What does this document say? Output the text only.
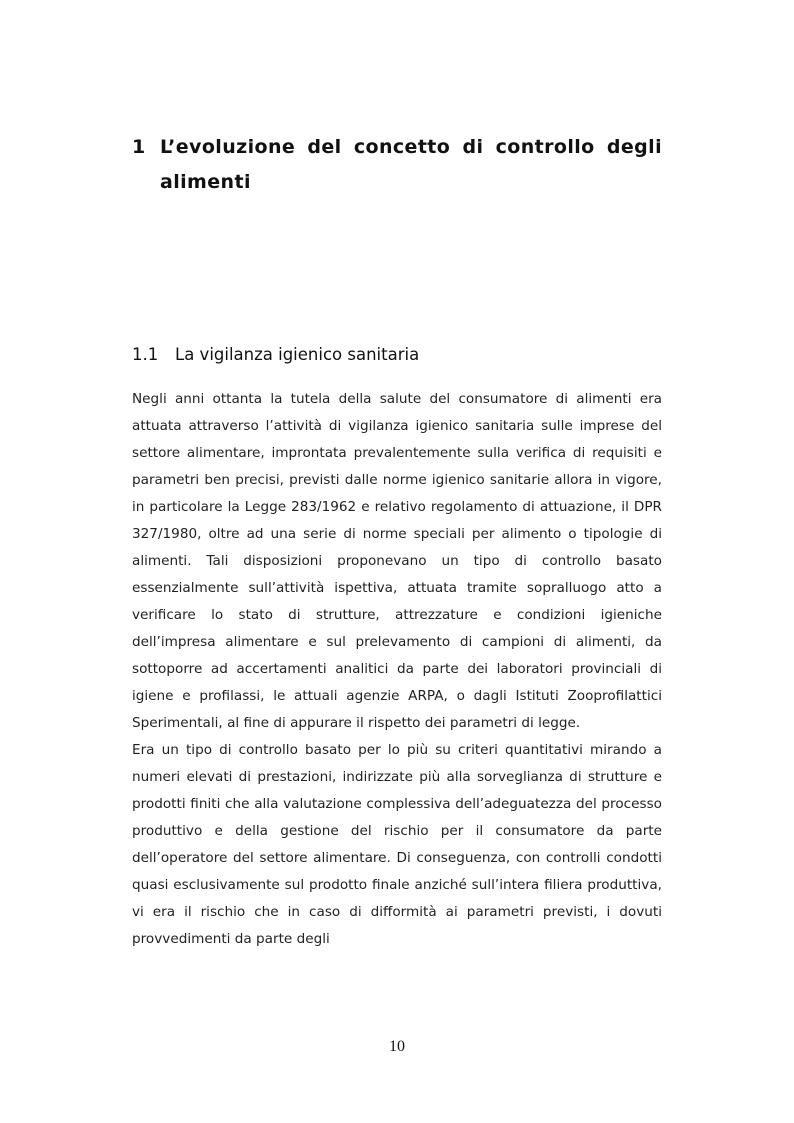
1 L’evoluzione del concetto di controllo degli alimenti
1.1 La vigilanza igienico sanitaria

Negli anni ottanta la tutela della salute del consumatore di alimenti era attuata attraverso l’attività di vigilanza igienico sanitaria sulle imprese del settore alimentare, improntata prevalentemente sulla verifica di requisiti e parametri ben precisi, previsti dalle norme igienico sanitarie allora in vigore, in particolare la Legge 283/1962 e relativo regolamento di attuazione, il DPR 327/1980, oltre ad una serie di norme speciali per alimento o tipologie di alimenti. Tali disposizioni proponevano un tipo di controllo basato essenzialmente sull’attività ispettiva, attuata tramite sopralluogo atto a verificare lo stato di strutture, attrezzature e condizioni igieniche dell’impresa alimentare e sul prelevamento di campioni di alimenti, da sottoporre ad accertamenti analitici da parte dei laboratori provinciali di igiene e profilassi, le attuali agenzie ARPA, o dagli Istituti Zooprofilattici Sperimentali, al fine di appurare il rispetto dei parametri di legge.

Era un tipo di controllo basato per lo più su criteri quantitativi mirando a numeri elevati di prestazioni, indirizzate più alla sorveglianza di strutture e prodotti finiti che alla valutazione complessiva dell’adeguatezza del processo produttivo e della gestione del rischio per il consumatore da parte dell’operatore del settore alimentare. Di conseguenza, con controlli condotti quasi esclusivamente sul prodotto finale anziché sull’intera filiera produttiva, vi era il rischio che in caso di difformità ai parametri previsti, i dovuti provvedimenti da parte degli

10
